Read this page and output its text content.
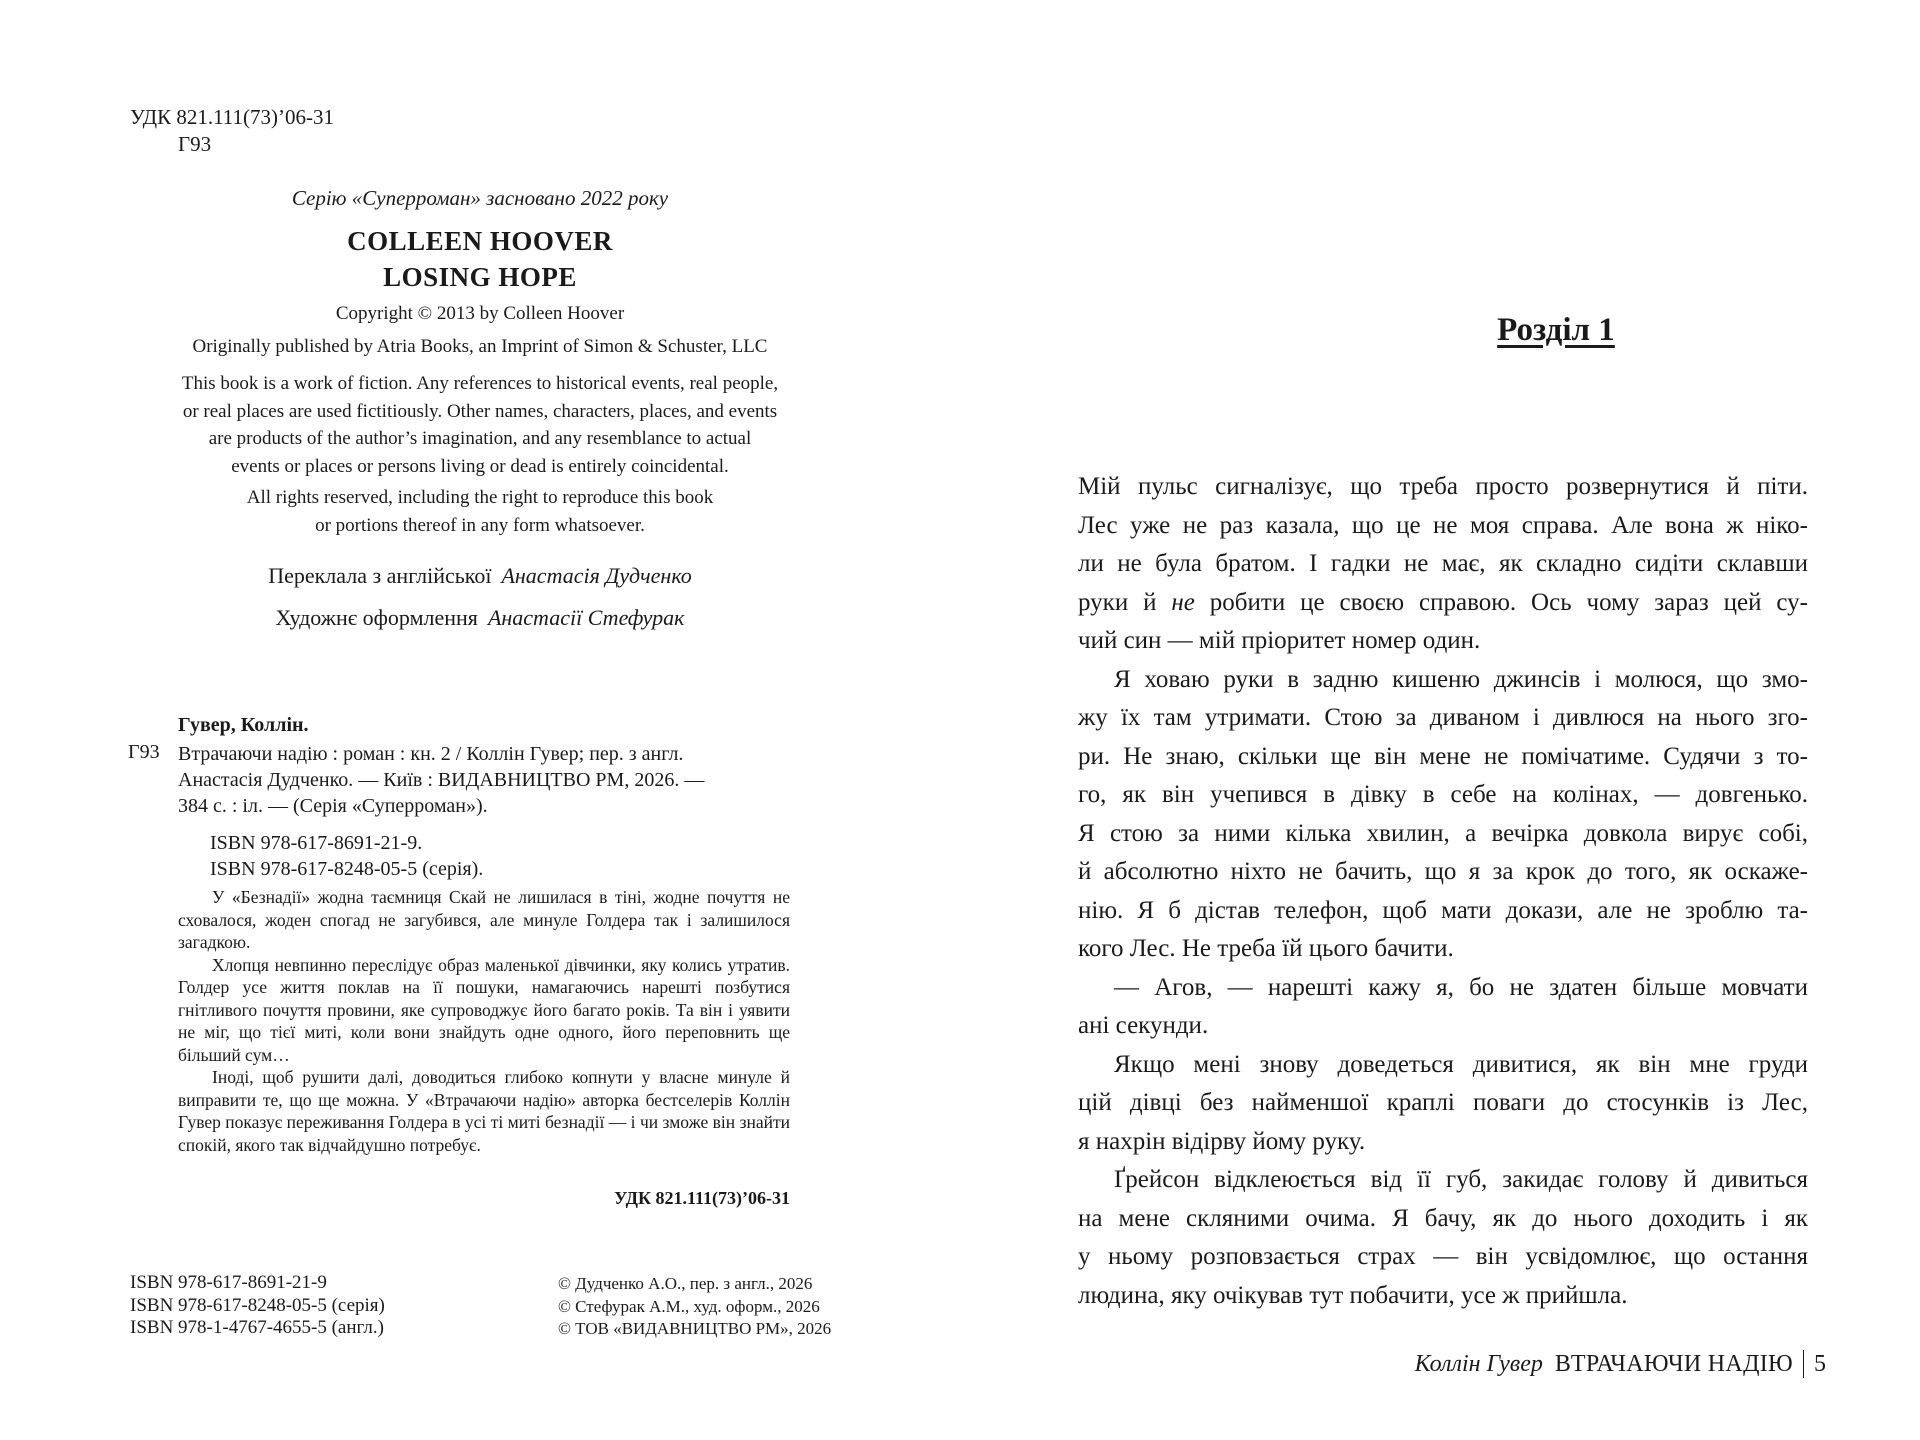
УДК 821.111(73)’06-31
Г93
Серію «Суперроман» засновано 2022 року
COLLEEN HOOVER
LOSING HOPE
Copyright © 2013 by Colleen Hoover
Originally published by Atria Books, an Imprint of Simon & Schuster, LLC
This book is a work of fiction. Any references to historical events, real people,
or real places are used fictitiously. Other names, characters, places, and events
are products of the author’s imagination, and any resemblance to actual
events or places or persons living or dead is entirely coincidental.
All rights reserved, including the right to reproduce this book
or portions thereof in any form whatsoever.
Переклала з англійської Анастасія Дудченко
Художнє оформлення Анастасії Стефурак
Гувер, Коллін.
Г93 Втрачаючи надію : роман : кн. 2 / Коллін Гувер; пер. з англ.
Анастасія Дудченко. — Київ : ВИДАВНИЦТВО РМ, 2026. —
384 с. : іл. — (Серія «Суперроман»).
ISBN 978-617-8691-21-9.
ISBN 978-617-8248-05-5 (серія).

У «Безнадії» жодна таємниця Скай не лишилася в тіні, жодне почуття не сховалося, жоден спогад не загубився, але минуле Голдера так і залишилося загадкою.

Хлопця невпинно переслідує образ маленької дівчинки, яку колись утратив. Голдер усе життя поклав на її пошуки, намагаючись нарешті позбутися гнітливого почуття провини, яке супроводжує його багато років. Та він і уявити не міг, що тієї миті, коли вони знайдуть одне одного, його переповнить ще більший сум…

Іноді, щоб рушити далі, доводиться глибоко копнути у власне минуле й виправити те, що ще можна. У «Втрачаючи надію» авторка бестселерів Коллін Гувер показує переживання Голдера в усі ті миті безнадії — і чи зможе він знайти спокій, якого так відчайдушно потребує.

УДК 821.111(73)’06-31
ISBN 978-617-8691-21-9
ISBN 978-617-8248-05-5 (серія)
ISBN 978-1-4767-4655-5 (англ.)
© Дудченко А.О., пер. з англ., 2026
© Стефурак А.М., худ. оформ., 2026
© ТОВ «ВИДАВНИЦТВО РМ», 2026
Розділ 1
Мій пульс сигналізує, що треба просто розвернутися й піти.
Лес уже не раз казала, що це не моя справа. Але вона ж ніко-
ли не була братом. І гадки не має, як складно сидіти склавши
руки й не робити це своєю справою. Ось чому зараз цей су-
чий син — мій пріоритет номер один.
Я ховаю руки в задню кишеню джинсів і молюся, що змо-
жу їх там утримати. Стою за диваном і дивлюся на нього зго-
ри. Не знаю, скільки ще він мене не помічатиме. Судячи з то-
го, як він учепився в дівку в себе на колінах, — довгенько.
Я стою за ними кілька хвилин, а вечірка довкола вирує собі,
й абсолютно ніхто не бачить, що я за крок до того, як оскаже-
нію. Я б дістав телефон, щоб мати докази, але не зроблю та-
кого Лес. Не треба їй цього бачити.
— Агов, — нарешті кажу я, бо не здатен більше мовчати
ані секунди.
Якщо мені знову доведеться дивитися, як він мне груди
цій дівці без найменшої краплі поваги до стосунків із Лес,
я нахрін відірву йому руку.
Ґрейсон відклеюється від її губ, закидає голову й дивиться
на мене скляними очима. Я бачу, як до нього доходить і як
у ньому розповзається страх — він усвідомлює, що остання
людина, яку очікував тут побачити, усе ж прийшла.
Коллін Гувер ВТРАЧАЮЧИ НАДІЮ 5
